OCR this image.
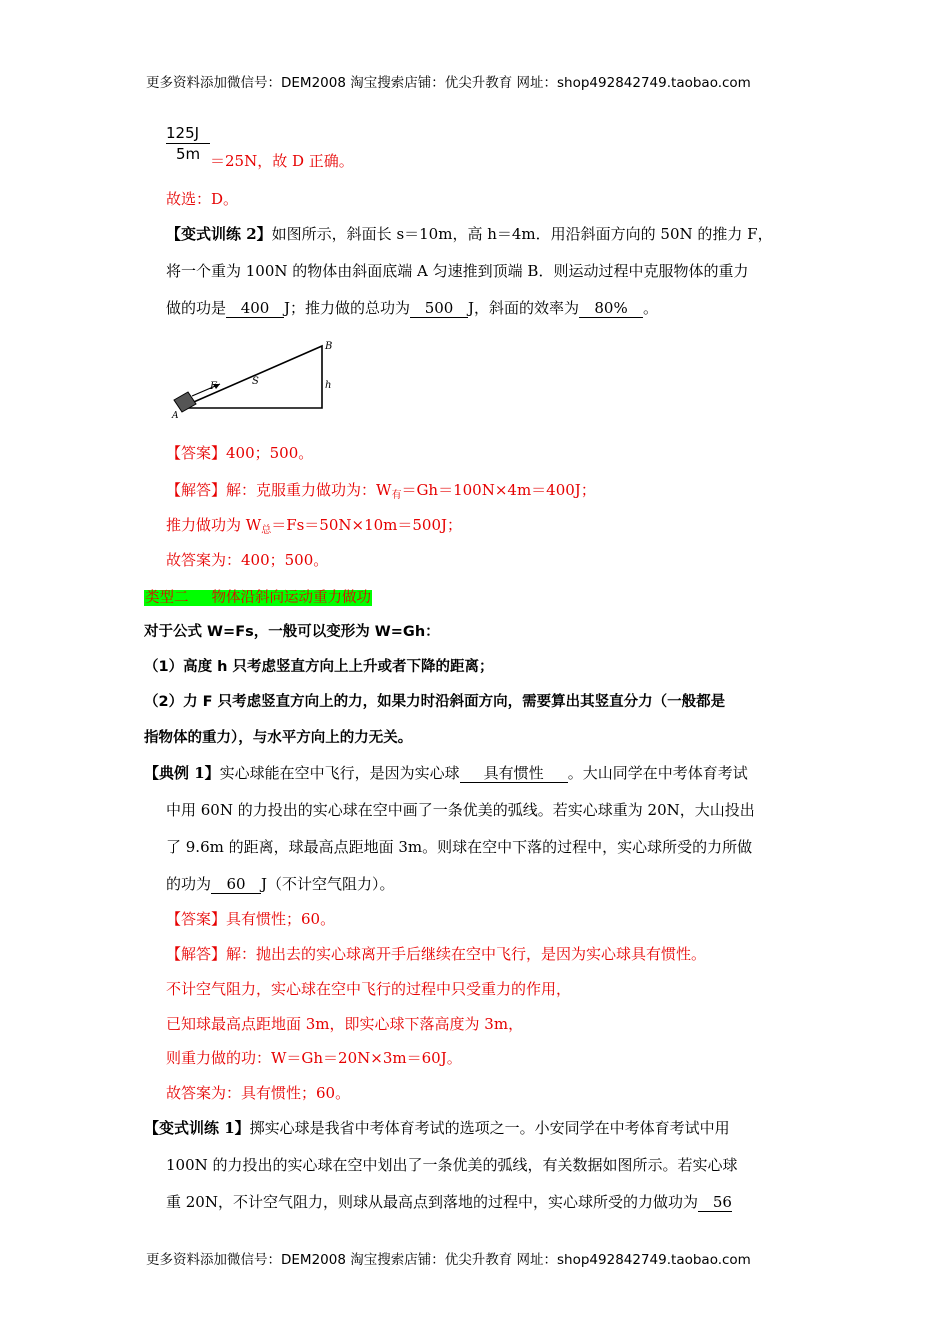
更多资料添加微信号：DEM2008 淘宝搜索店铺：优尖升教育 网址：shop492842749.taobao.com
125J
5m ＝25N，故 D 正确。
故选：D。
【变式训练 2】如图所示，斜面长 s＝10m，高 h＝4m．用沿斜面方向的 50N 的推力 F，
将一个重为 100N 的物体由斜面底端 A 匀速推到顶端 B．则运动过程中克服物体的重力
做的功是 400 J；推力做的总功为 500 J，斜面的效率为 80% 。
F	S
B
h
A
【答案】400；500。
【解答】解：克服重力做功为：$W_有=Gh=100N\times 4m=400J$；
推力做功为 $W_总=Fs=50N\times 10m=500J$；
故答案为：400；500。
类型二 物体沿斜向运动重力做功
对于公式 W=Fs，一般可以变形为 W=Gh：
（1）高度 h 只考虑竖直方向上上升或者下降的距离；
（2）力 F 只考虑竖直方向上的力，如果力时沿斜面方向，需要算出其竖直分力（一般都是
指物体的重力），与水平方向上的力无关。
【典例 1】实心球能在空中飞行，是因为实心球 具有惯性 。大山同学在中考体育考试
中用 60N 的力投出的实心球在空中画了一条优美的弧线。若实心球重为 20N，大山投出
了 9.6m 的距离，球最高点距地面 3m。则球在空中下落的过程中，实心球所受的力所做
的功为 60 J（不计空气阻力）。
【答案】具有惯性；60。
【解答】解：抛出去的实心球离开手后继续在空中飞行，是因为实心球具有惯性。
不计空气阻力，实心球在空中飞行的过程中只受重力的作用，
已知球最高点距地面 3m，即实心球下落高度为 3m，
则重力做的功：W＝Gh＝20N×3m＝60J。
故答案为：具有惯性；60。
【变式训练 1】掷实心球是我省中考体育考试的选项之一。小安同学在中考体育考试中用
100N 的力投出的实心球在空中划出了一条优美的弧线，有关数据如图所示。若实心球
重 20N，不计空气阻力，则球从最高点到落地的过程中，实心球所受的力做功为 56
更多资料添加微信号：DEM2008 淘宝搜索店铺：优尖升教育 网址：shop492842749.taobao.com
